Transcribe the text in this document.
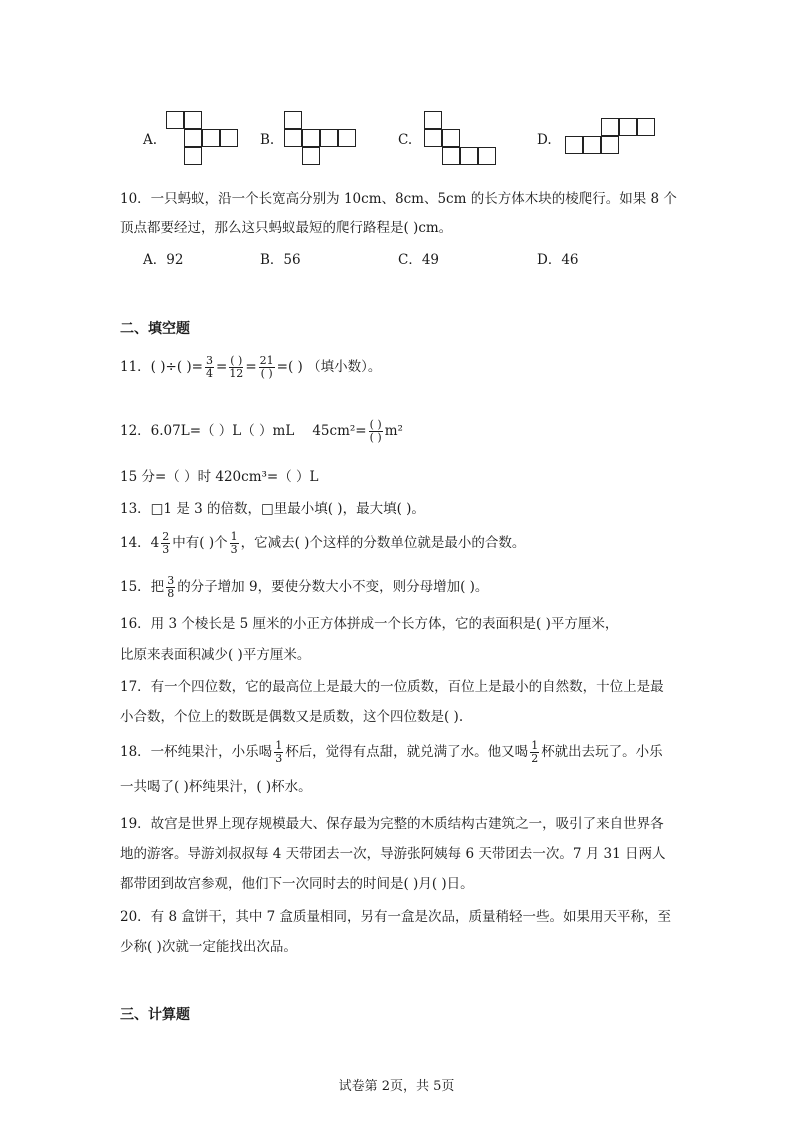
A.	B.	C.	D.
10．一只蚂蚁，沿一个长宽高分别为 10cm、8cm、5cm 的长方体木块的棱爬行。如果 8 个
顶点都要经过，那么这只蚂蚁最短的爬行路程是( )cm。
A．92	B．56	C．49	D．46
二、填空题
11．( )÷( )= $\frac{3}{4}$ = ( )
12 = 21
( ) =( ) （填小数）。
12．6.07L=（ ）L（ ）mL 45cm²= ( )
( ) m²
15 分=（ ）时 420cm³=（ ）L
13．□1 是 3 的倍数，□里最小填( )，最大填( )。
14．4 2
3 中有( )个 1
3 ，它减去( )个这样的分数单位就是最小的合数。
15．把 3
8 的分子增加 9，要使分数大小不变，则分母增加( )。
16．用 3 个棱长是 5 厘米的小正方体拼成一个长方体，它的表面积是( )平方厘米，
比原来表面积减少( )平方厘米。
17．有一个四位数，它的最高位上是最大的一位质数，百位上是最小的自然数，十位上是最
小合数，个位上的数既是偶数又是质数，这个四位数是( ).
18．一杯纯果汁，小乐喝 1
3 杯后，觉得有点甜，就兑满了水。他又喝 1
2 杯就出去玩了。小乐
一共喝了( )杯纯果汁，( )杯水。
19．故宫是世界上现存规模最大、保存最为完整的木质结构古建筑之一，吸引了来自世界各
地的游客。导游刘叔叔每 4 天带团去一次，导游张阿姨每 6 天带团去一次。7 月 31 日两人
都带团到故宫参观，他们下一次同时去的时间是( )月( )日。
20．有 8 盒饼干，其中 7 盒质量相同，另有一盒是次品，质量稍轻一些。如果用天平称，至
少称( )次就一定能找出次品。
三、计算题
试卷第 2页，共 5页
